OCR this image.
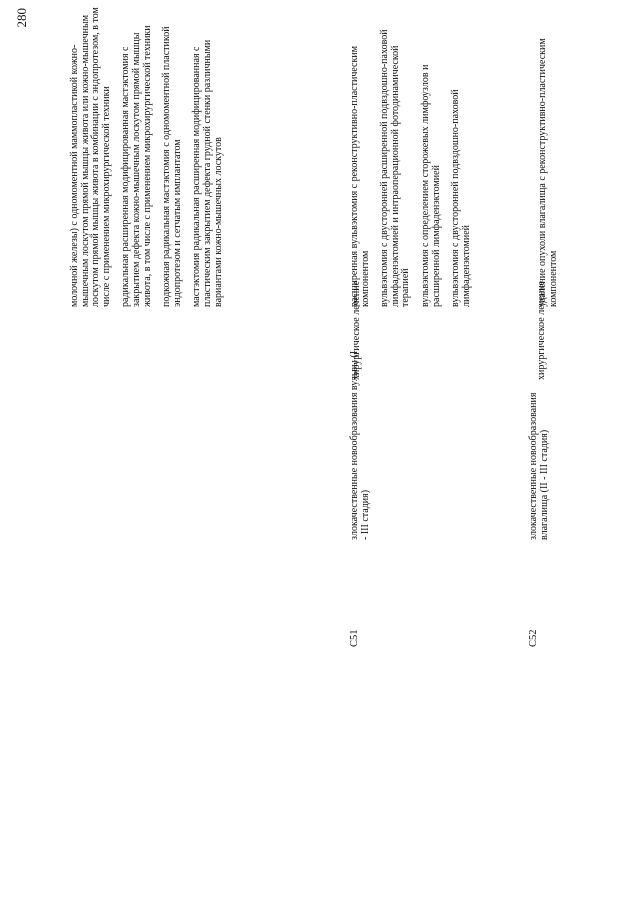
280

молочной железы) с одномоментной маммопластикой кожно-мышечным лоскутом прямой мышцы живота или кожно-мышечным лоскутом прямой мышцы живота в комбинации с эндопротезом, в том числе с применением микрохирургической техники радикальная расширенная модифицированная мастэктомия с закрытием дефекта кожно-мышечным лоскутом прямой мышцы живота, в том числе с применением микрохирургической техники подкожная радикальная мастэктомия с одномоментной пластикой эндопротезом и сетчатым имплантатом мастэктомия радикальная расширенная модифицированная с пластическим закрытием дефекта грудной стенки различными вариантами кожно-мышечных лоскутов

C51
злокачественные новообразования вульвы (I - III стадия)
хирургическое лечение

расширенная вульвэктомия с реконструктивно-пластическим компонентом вульвэктомия с двусторонней расширенной подвздошно-паховой лимфаденэктомией и интраоперационной фотодинамической терапией вульвэктомия с определением сторожевых лимфоузлов и расширенной лимфаденэктомией вульвэктомия с двусторонней подвздошно-паховой лимфаденэктомией

C52
злокачественные новообразования влагалища (II - III стадия)
хирургическое лечение

удаление опухоли влагалища с реконструктивно-пластическим компонентом
